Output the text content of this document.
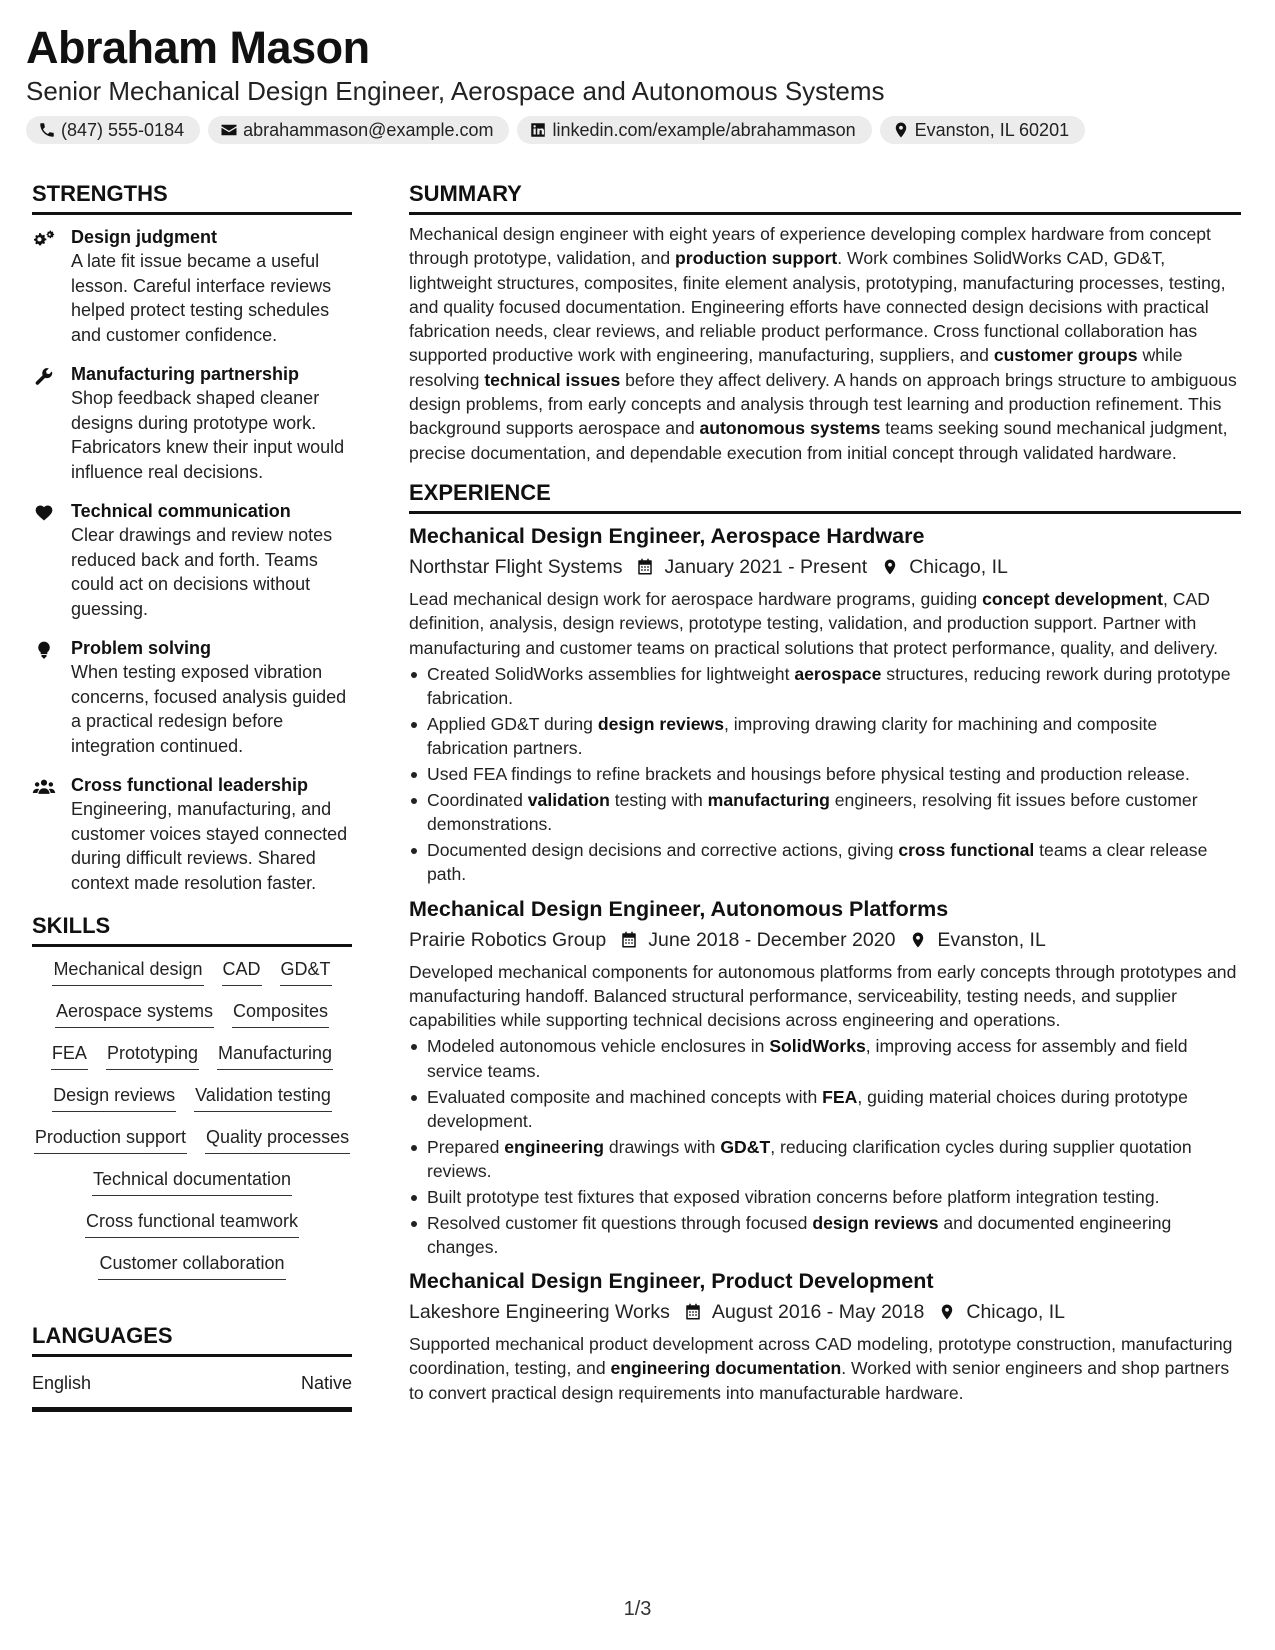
Abraham Mason
Senior Mechanical Design Engineer, Aerospace and Autonomous Systems
(847) 555-0184	abrahammason@example.com	linkedin.com/example/abrahammason	Evanston, IL 60201
STRENGTHS
Design judgment
A late fit issue became a useful lesson. Careful interface reviews helped protect testing schedules and customer confidence.
Manufacturing partnership
Shop feedback shaped cleaner designs during prototype work. Fabricators knew their input would influence real decisions.
Technical communication
Clear drawings and review notes reduced back and forth. Teams could act on decisions without guessing.
Problem solving
When testing exposed vibration concerns, focused analysis guided a practical redesign before integration continued.
Cross functional leadership
Engineering, manufacturing, and customer voices stayed connected during difficult reviews. Shared context made resolution faster.
SKILLS
Mechanical design CAD GD&T
Aerospace systems Composites
FEA Prototyping Manufacturing
Design reviews Validation testing
Production support Quality processes
Technical documentation
Cross functional teamwork
Customer collaboration
LANGUAGES
English	Native
SUMMARY
Mechanical design engineer with eight years of experience developing complex hardware from concept through prototype, validation, and production support. Work combines SolidWorks CAD, GD&T, lightweight structures, composites, finite element analysis, prototyping, manufacturing processes, testing, and quality focused documentation. Engineering efforts have connected design decisions with practical fabrication needs, clear reviews, and reliable product performance. Cross functional collaboration has supported productive work with engineering, manufacturing, suppliers, and customer groups while resolving technical issues before they affect delivery. A hands on approach brings structure to ambiguous design problems, from early concepts and analysis through test learning and production refinement. This background supports aerospace and autonomous systems teams seeking sound mechanical judgment, precise documentation, and dependable execution from initial concept through validated hardware.
EXPERIENCE
Mechanical Design Engineer, Aerospace Hardware
Northstar Flight Systems January 2021 - Present Chicago, IL
Lead mechanical design work for aerospace hardware programs, guiding concept development, CAD definition, analysis, design reviews, prototype testing, validation, and production support. Partner with manufacturing and customer teams on practical solutions that protect performance, quality, and delivery.
Created SolidWorks assemblies for lightweight aerospace structures, reducing rework during prototype fabrication.
Applied GD&T during design reviews, improving drawing clarity for machining and composite fabrication partners.
Used FEA findings to refine brackets and housings before physical testing and production release.
Coordinated validation testing with manufacturing engineers, resolving fit issues before customer demonstrations.
Documented design decisions and corrective actions, giving cross functional teams a clear release path.
Mechanical Design Engineer, Autonomous Platforms
Prairie Robotics Group June 2018 - December 2020 Evanston, IL
Developed mechanical components for autonomous platforms from early concepts through prototypes and manufacturing handoff. Balanced structural performance, serviceability, testing needs, and supplier capabilities while supporting technical decisions across engineering and operations.
Modeled autonomous vehicle enclosures in SolidWorks, improving access for assembly and field service teams.
Evaluated composite and machined concepts with FEA, guiding material choices during prototype development.
Prepared engineering drawings with GD&T, reducing clarification cycles during supplier quotation reviews.
Built prototype test fixtures that exposed vibration concerns before platform integration testing.
Resolved customer fit questions through focused design reviews and documented engineering changes.
Mechanical Design Engineer, Product Development
Lakeshore Engineering Works August 2016 - May 2018 Chicago, IL
Supported mechanical product development across CAD modeling, prototype construction, manufacturing coordination, testing, and engineering documentation. Worked with senior engineers and shop partners to convert practical design requirements into manufacturable hardware.
1/3
